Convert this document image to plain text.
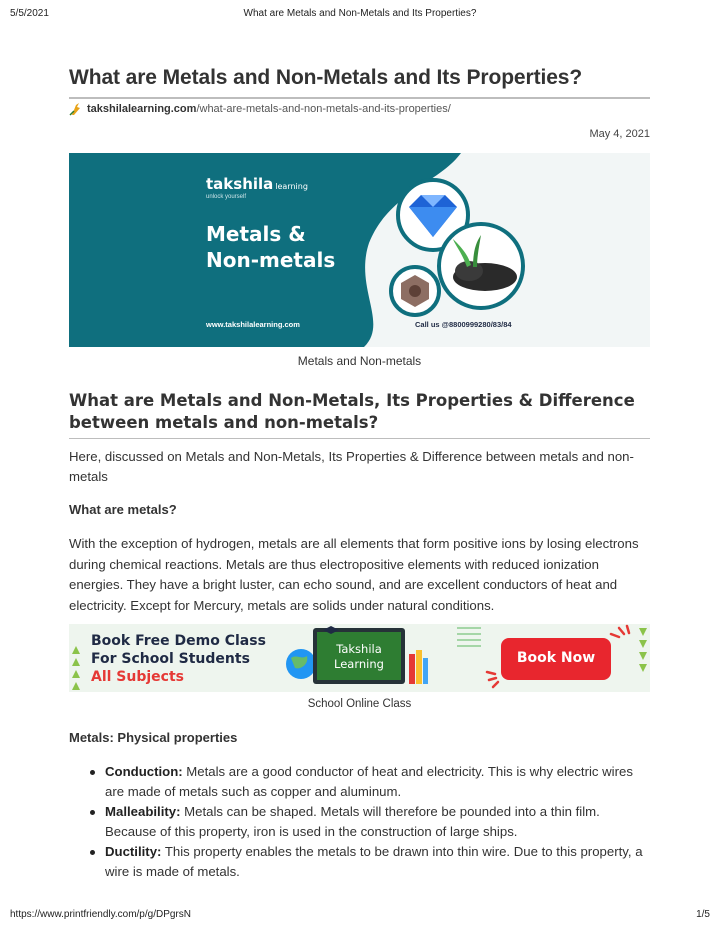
5/5/2021	What are Metals and Non-Metals and Its Properties?
What are Metals and Non-Metals and Its Properties?
takshilalearning.com/what-are-metals-and-non-metals-and-its-properties/
May 4, 2021
takshila learning
unlock yourself
Metals &
Non-metals
www.takshilalearning.com	Call us @8800999280/83/84
Metals and Non-metals
What are Metals and Non-Metals, Its Properties & Difference between metals and non-metals?

Here, discussed on Metals and Non-Metals, Its Properties & Difference between metals and non-metals

What are metals?

With the exception of hydrogen, metals are all elements that form positive ions by losing electrons during chemical reactions. Metals are thus electropositive elements with reduced ionization energies. They have a bright luster, can echo sound, and are excellent conductors of heat and electricity. Except for Mercury, metals are solids under natural conditions.

Book Free Demo Class
For School Students
All Subjects
Takshila
Learning	Book Now
School Online Class
Metals: Physical properties
Conduction: Metals are a good conductor of heat and electricity. This is why electric wires are made of metals such as copper and aluminum.
Malleability: Metals can be shaped. Metals will therefore be pounded into a thin film. Because of this property, iron is used in the construction of large ships.
Ductility: This property enables the metals to be drawn into thin wire. Due to this property, a wire is made of metals.
https://www.printfriendly.com/p/g/DPgrsN	1/5
